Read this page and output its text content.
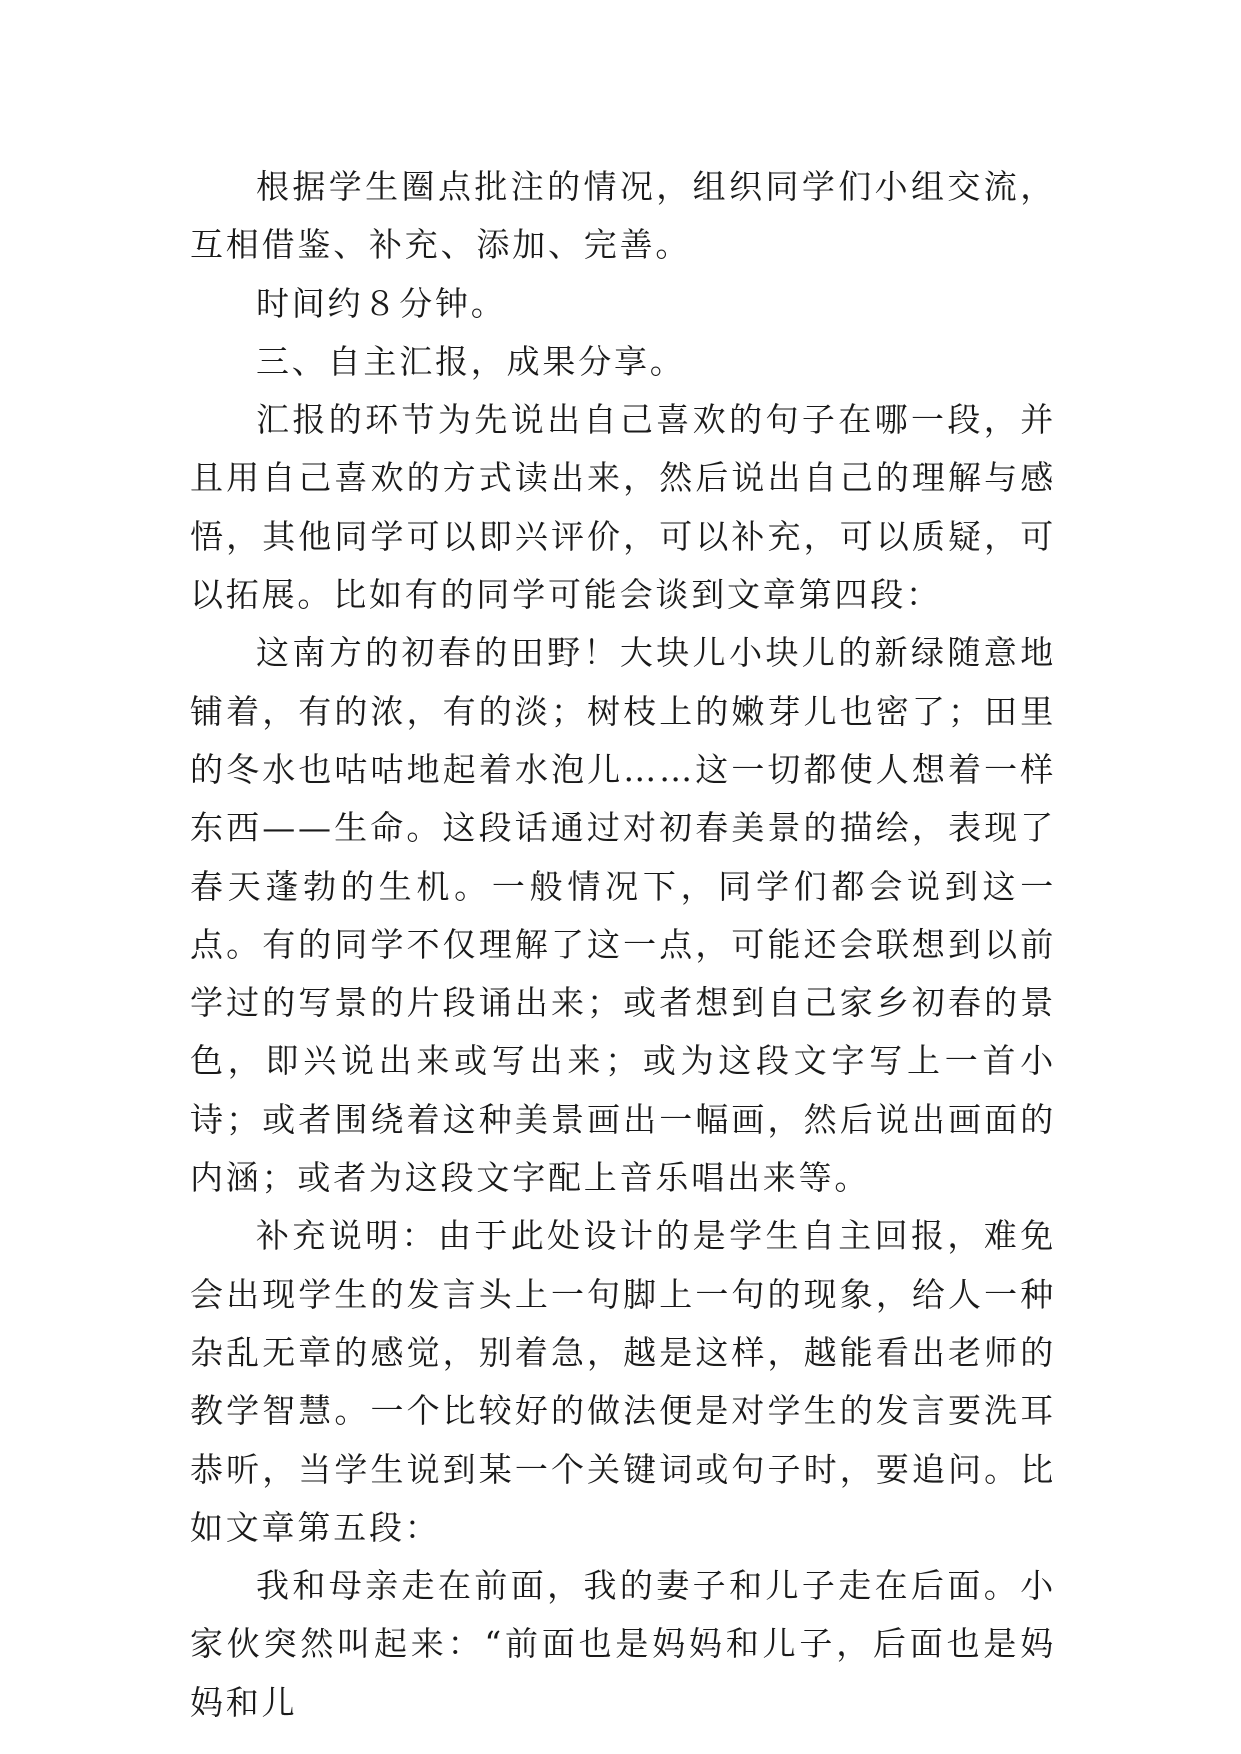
根据学生圈点批注的情况，组织同学们小组交流，互相借鉴、补充、添加、完善。

时间约８分钟。

三、自主汇报，成果分享。

汇报的环节为先说出自己喜欢的句子在哪一段，并且用自己喜欢的方式读出来，然后说出自己的理解与感悟，其他同学可以即兴评价，可以补充，可以质疑，可以拓展。比如有的同学可能会谈到文章第四段：

这南方的初春的田野！大块儿小块儿的新绿随意地铺着，有的浓，有的淡；树枝上的嫩芽儿也密了；田里的冬水也咕咕地起着水泡儿……这一切都使人想着一样东西——生命。这段话通过对初春美景的描绘，表现了春天蓬勃的生机。一般情况下，同学们都会说到这一点。有的同学不仅理解了这一点，可能还会联想到以前学过的写景的片段诵出来；或者想到自己家乡初春的景色，即兴说出来或写出来；或为这段文字写上一首小诗；或者围绕着这种美景画出一幅画，然后说出画面的内涵；或者为这段文字配上音乐唱出来等。

补充说明：由于此处设计的是学生自主回报，难免会出现学生的发言头上一句脚上一句的现象，给人一种杂乱无章的感觉，别着急，越是这样，越能看出老师的教学智慧。一个比较好的做法便是对学生的发言要洗耳恭听，当学生说到某一个关键词或句子时，要追问。比如文章第五段：

我和母亲走在前面，我的妻子和儿子走在后面。小家伙突然叫起来：“前面也是妈妈和儿子，后面也是妈妈和儿
